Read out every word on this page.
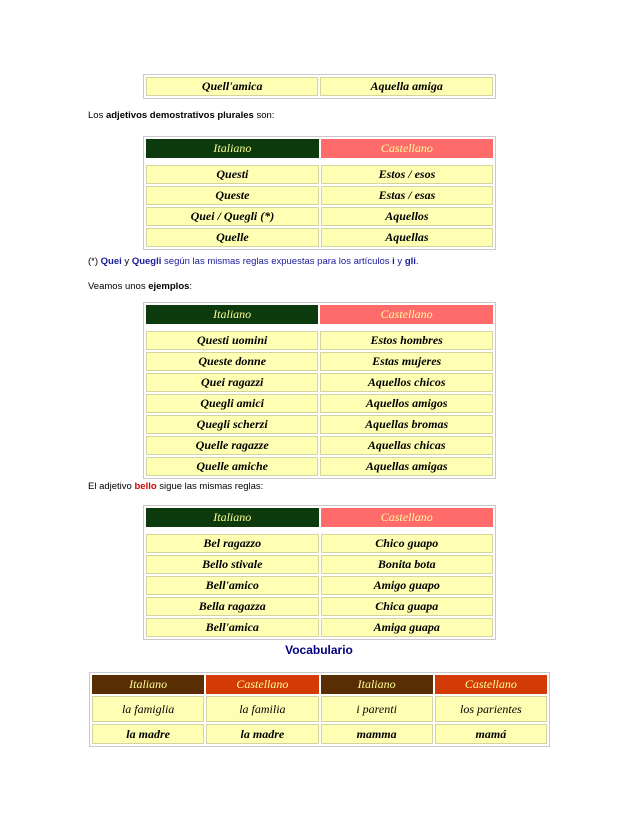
Quell'amica	Aquella amiga
Los adjetivos demostrativos plurales son:
Italiano	Castellano

Questi	Estos / esos
Queste	Estas / esas
Quei / Quegli (*)	Aquellos
Quelle	Aquellas
(*) Quei y Quegli según las mismas reglas expuestas para los artículos i y gli.
Veamos unos ejemplos:
Italiano	Castellano

Questi uomini	Estos hombres
Queste donne	Estas mujeres
Quei ragazzi	Aquellos chicos
Quegli amici	Aquellos amigos
Quegli scherzi	Aquellas bromas
Quelle ragazze	Aquellas chicas
Quelle amiche	Aquellas amigas
El adjetivo bello sigue las mismas reglas:
Italiano	Castellano

Bel ragazzo	Chico guapo
Bello stivale	Bonita bota
Bell'amico	Amigo guapo
Bella ragazza	Chica guapa
Bell'amica	Amiga guapa
Vocabulario
Italiano	Castellano	Italiano	Castellano
la famiglia	la familia	i parenti	los parientes
la madre	la madre	mamma	mamá
